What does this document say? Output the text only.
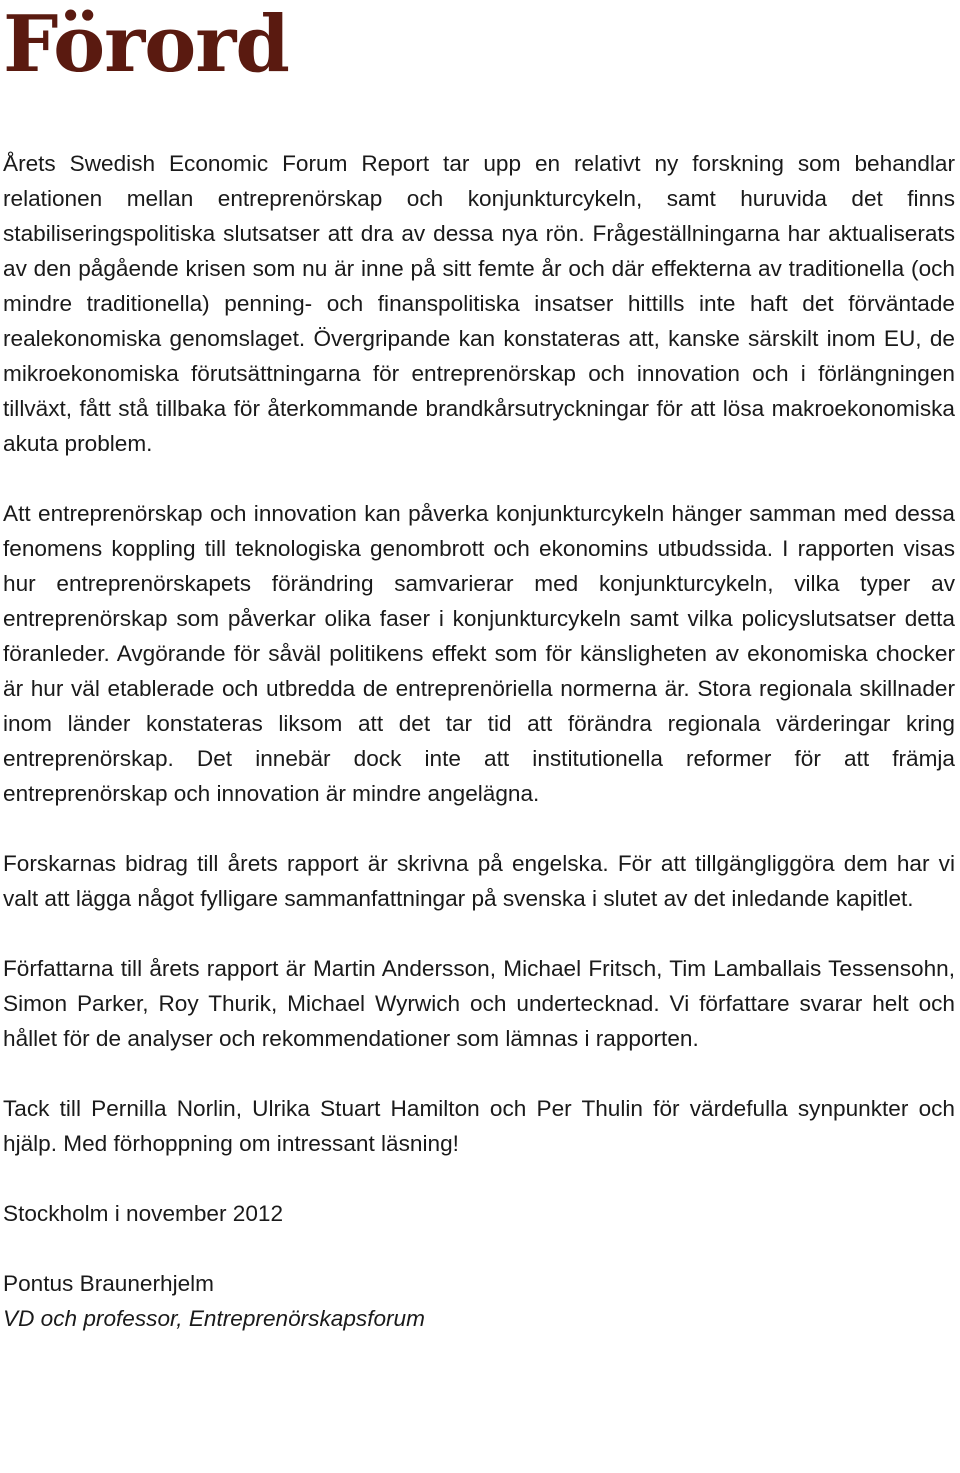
Förord

Årets Swedish Economic Forum Report tar upp en relativt ny forskning som behandlar relationen mellan entreprenörskap och konjunkturcykeln, samt huruvida det finns stabiliseringspolitiska slutsatser att dra av dessa nya rön. Frågeställningarna har aktualiserats av den pågående krisen som nu är inne på sitt femte år och där effekterna av traditionella (och mindre traditionella) penning- och finanspolitiska insatser hittills inte haft det förväntade realekonomiska genomslaget. Övergripande kan konstateras att, kanske särskilt inom EU, de mikroekonomiska förutsättningarna för entreprenörskap och innovation och i förlängningen tillväxt, fått stå tillbaka för återkommande brandkårsutryckningar för att lösa makroekonomiska akuta problem.

Att entreprenörskap och innovation kan påverka konjunkturcykeln hänger samman med dessa fenomens koppling till teknologiska genombrott och ekonomins utbudssida. I rapporten visas hur entreprenörskapets förändring samvarierar med konjunkturcykeln, vilka typer av entreprenörskap som påverkar olika faser i konjunkturcykeln samt vilka policyslutsatser detta föranleder. Avgörande för såväl politikens effekt som för känsligheten av ekonomiska chocker är hur väl etablerade och utbredda de entreprenöriella normerna är. Stora regionala skillnader inom länder konstateras liksom att det tar tid att förändra regionala värderingar kring entreprenörskap. Det innebär dock inte att institutionella reformer för att främja entreprenörskap och innovation är mindre angelägna.

Forskarnas bidrag till årets rapport är skrivna på engelska. För att tillgängliggöra dem har vi valt att lägga något fylligare sammanfattningar på svenska i slutet av det inledande kapitlet.

Författarna till årets rapport är Martin Andersson, Michael Fritsch, Tim Lamballais Tessensohn, Simon Parker, Roy Thurik, Michael Wyrwich och undertecknad. Vi författare svarar helt och hållet för de analyser och rekommendationer som lämnas i rapporten.

Tack till Pernilla Norlin, Ulrika Stuart Hamilton och Per Thulin för värdefulla synpunkter och hjälp. Med förhoppning om intressant läsning!

Stockholm i november 2012

Pontus Braunerhjelm

VD och professor, Entreprenörskapsforum
